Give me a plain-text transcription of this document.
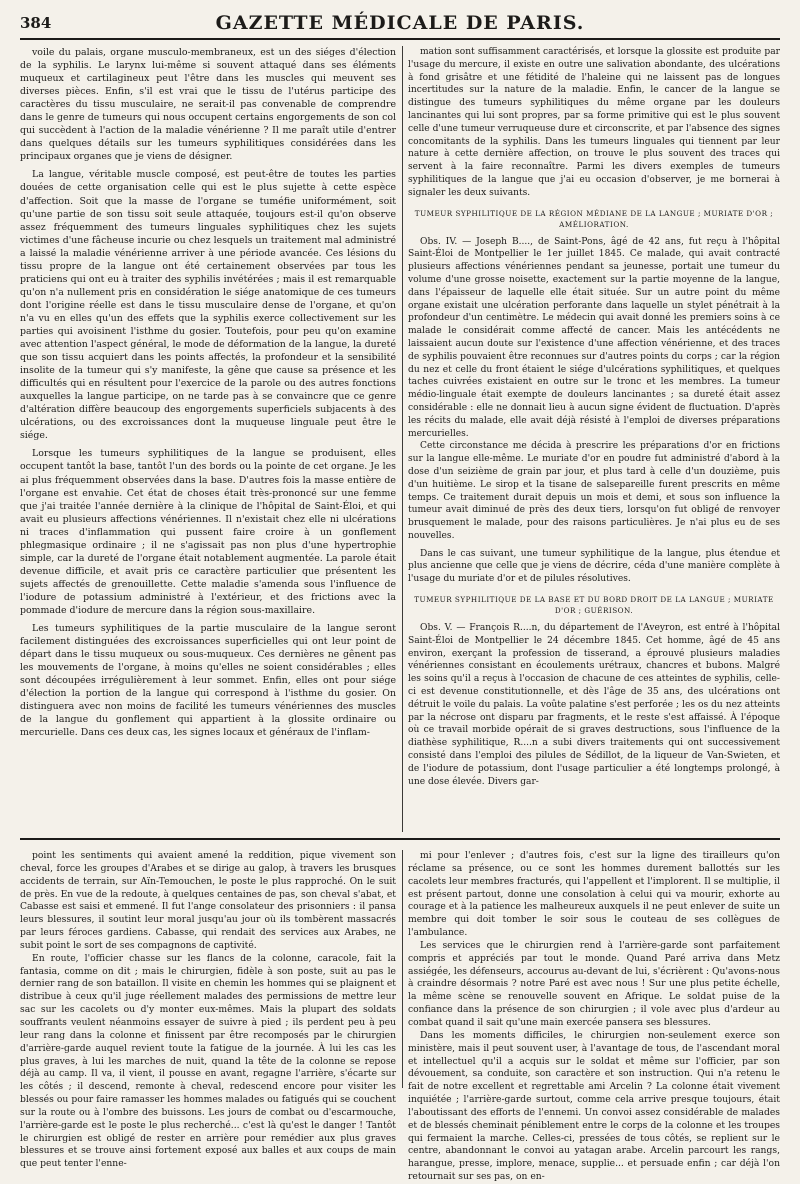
384	GAZETTE MÉDICALE DE PARIS.

voile du palais, organe musculo-membraneux, est un des siéges d'élection de la syphilis. Le larynx lui-même si souvent attaqué dans ses éléments muqueux et cartilagineux peut l'être dans les muscles qui meuvent ses diverses pièces. Enfin, s'il est vrai que le tissu de l'utérus participe des caractères du tissu musculaire, ne serait-il pas convenable de comprendre dans le genre de tumeurs qui nous occupent certains engorgements de son col qui succèdent à l'action de la maladie vénérienne ? Il me paraît utile d'entrer dans quelques détails sur les tumeurs syphilitiques considérées dans les principaux organes que je viens de désigner.

La langue, véritable muscle composé, est peut-être de toutes les parties douées de cette organisation celle qui est le plus sujette à cette espèce d'affection. Soit que la masse de l'organe se tuméfie uniformément, soit qu'une partie de son tissu soit seule attaquée, toujours est-il qu'on observe assez fréquemment des tumeurs linguales syphilitiques chez les sujets victimes d'une fâcheuse incurie ou chez lesquels un traitement mal administré a laissé la maladie vénérienne arriver à une période avancée. Ces lésions du tissu propre de la langue ont été certainement observées par tous les praticiens qui ont eu à traiter des syphilis invétérées ; mais il est remarquable qu'on n'a nullement pris en considération le siége anatomique de ces tumeurs dont l'origine réelle est dans le tissu musculaire dense de l'organe, et qu'on n'a vu en elles qu'un des effets que la syphilis exerce collectivement sur les parties qui avoisinent l'isthme du gosier. Toutefois, pour peu qu'on examine avec attention l'aspect général, le mode de déformation de la langue, la dureté que son tissu acquiert dans les points affectés, la profondeur et la sensibilité insolite de la tumeur qui s'y manifeste, la gêne que cause sa présence et les difficultés qui en résultent pour l'exercice de la parole ou des autres fonctions auxquelles la langue participe, on ne tarde pas à se convaincre que ce genre d'altération diffère beaucoup des engorgements superficiels subjacents à des ulcérations, ou des excroissances dont la muqueuse linguale peut être le siége.

Lorsque les tumeurs syphilitiques de la langue se produisent, elles occupent tantôt la base, tantôt l'un des bords ou la pointe de cet organe. Je les ai plus fréquemment observées dans la base. D'autres fois la masse entière de l'organe est envahie. Cet état de choses était très-prononcé sur une femme que j'ai traitée l'année dernière à la clinique de l'hôpital de Saint-Éloi, et qui avait eu plusieurs affections vénériennes. Il n'existait chez elle ni ulcérations ni traces d'inflammation qui pussent faire croire à un gonflement phlegmasique ordinaire ; il ne s'agissait pas non plus d'une hypertrophie simple, car la dureté de l'organe était notablement augmentée. La parole était devenue difficile, et avait pris ce caractère particulier que présentent les sujets affectés de grenouillette. Cette maladie s'amenda sous l'influence de l'iodure de potassium administré à l'extérieur, et des frictions avec la pommade d'iodure de mercure dans la région sous-maxillaire.

Les tumeurs syphilitiques de la partie musculaire de la langue seront facilement distinguées des excroissances superficielles qui ont leur point de départ dans le tissu muqueux ou sous-muqueux. Ces dernières ne gênent pas les mouvements de l'organe, à moins qu'elles ne soient considérables ; elles sont découpées irrégulièrement à leur sommet. Enfin, elles ont pour siége d'élection la portion de la langue qui correspond à l'isthme du gosier. On distinguera avec non moins de facilité les tumeurs vénériennes des muscles de la langue du gonflement qui appartient à la glossite ordinaire ou mercurielle. Dans ces deux cas, les signes locaux et généraux de l'inflam-

mation sont suffisamment caractérisés, et lorsque la glossite est produite par l'usage du mercure, il existe en outre une salivation abondante, des ulcérations à fond grisâtre et une fétidité de l'haleine qui ne laissent pas de longues incertitudes sur la nature de la maladie. Enfin, le cancer de la langue se distingue des tumeurs syphilitiques du même organe par les douleurs lancinantes qui lui sont propres, par sa forme primitive qui est le plus souvent celle d'une tumeur verruqueuse dure et circonscrite, et par l'absence des signes concomitants de la syphilis. Dans les tumeurs linguales qui tiennent par leur nature à cette dernière affection, on trouve le plus souvent des traces qui servent à la faire reconnaître. Parmi les divers exemples de tumeurs syphilitiques de la langue que j'ai eu occasion d'observer, je me bornerai à signaler les deux suivants.

TUMEUR SYPHILITIQUE DE LA RÉGION MÉDIANE DE LA LANGUE ; MURIATE D'OR ; AMÉLIORATION.

Obs. IV. — Joseph B...., de Saint-Pons, âgé de 42 ans, fut reçu à l'hôpital Saint-Éloi de Montpellier le 1er juillet 1845. Ce malade, qui avait contracté plusieurs affections vénériennes pendant sa jeunesse, portait une tumeur du volume d'une grosse noisette, exactement sur la partie moyenne de la langue, dans l'épaisseur de laquelle elle était située. Sur un autre point du même organe existait une ulcération perforante dans laquelle un stylet pénétrait à la profondeur d'un centimètre. Le médecin qui avait donné les premiers soins à ce malade le considérait comme affecté de cancer. Mais les antécédents ne laissaient aucun doute sur l'existence d'une affection vénérienne, et des traces de syphilis pouvaient être reconnues sur d'autres points du corps ; car la région du nez et celle du front étaient le siége d'ulcérations syphilitiques, et quelques taches cuivrées existaient en outre sur le tronc et les membres. La tumeur médio-linguale était exempte de douleurs lancinantes ; sa dureté était assez considérable : elle ne donnait lieu à aucun signe évident de fluctuation. D'après les récits du malade, elle avait déjà résisté à l'emploi de diverses préparations mercurielles.

Cette circonstance me décida à prescrire les préparations d'or en frictions sur la langue elle-même. Le muriate d'or en poudre fut administré d'abord à la dose d'un seizième de grain par jour, et plus tard à celle d'un douzième, puis d'un huitième. Le sirop et la tisane de salsepareille furent prescrits en même temps. Ce traitement durait depuis un mois et demi, et sous son influence la tumeur avait diminué de près des deux tiers, lorsqu'on fut obligé de renvoyer brusquement le malade, pour des raisons particulières. Je n'ai plus eu de ses nouvelles.

Dans le cas suivant, une tumeur syphilitique de la langue, plus étendue et plus ancienne que celle que je viens de décrire, céda d'une manière complète à l'usage du muriate d'or et de pilules résolutives.

TUMEUR SYPHILITIQUE DE LA BASE ET DU BORD DROIT DE LA LANGUE ; MURIATE D'OR ; GUÉRISON.

Obs. V. — François R....n, du département de l'Aveyron, est entré à l'hôpital Saint-Éloi de Montpellier le 24 décembre 1845. Cet homme, âgé de 45 ans environ, exerçant la profession de tisserand, a éprouvé plusieurs maladies vénériennes consistant en écoulements urétraux, chancres et bubons. Malgré les soins qu'il a reçus à l'occasion de chacune de ces atteintes de syphilis, celle-ci est devenue constitutionnelle, et dès l'âge de 35 ans, des ulcérations ont détruit le voile du palais. La voûte palatine s'est perforée ; les os du nez atteints par la nécrose ont disparu par fragments, et le reste s'est affaissé. À l'époque où ce travail morbide opérait de si graves destructions, sous l'influence de la diathèse syphilitique, R....n a subi divers traitements qui ont successivement consisté dans l'emploi des pilules de Sédillot, de la liqueur de Van-Swieten, et de l'iodure de potassium, dont l'usage particulier a été longtemps prolongé, à une dose élevée. Divers gar-

point les sentiments qui avaient amené la reddition, pique vivement son cheval, force les groupes d'Arabes et se dirige au galop, à travers les brusques accidents de terrain, sur Aïn-Temouchen, le poste le plus rapproché. On le suit de près. En vue de la redoute, à quelques centaines de pas, son cheval s'abat, et Cabasse est saisi et emmené. Il fut l'ange consolateur des prisonniers : il pansa leurs blessures, il soutint leur moral jusqu'au jour où ils tombèrent massacrés par leurs féroces gardiens. Cabasse, qui rendait des services aux Arabes, ne subit point le sort de ses compagnons de captivité.

En route, l'officier chasse sur les flancs de la colonne, caracole, fait la fantasia, comme on dit ; mais le chirurgien, fidèle à son poste, suit au pas le dernier rang de son bataillon. Il visite en chemin les hommes qui se plaignent et distribue à ceux qu'il juge réellement malades des permissions de mettre leur sac sur les cacolets ou d'y monter eux-mêmes. Mais la plupart des soldats souffrants veulent néanmoins essayer de suivre à pied ; ils perdent peu à peu leur rang dans la colonne et finissent par être recomposés par le chirurgien d'arrière-garde auquel revient toute la fatigue de la journée. À lui les cas les plus graves, à lui les marches de nuit, quand la tête de la colonne se repose déjà au camp. Il va, il vient, il pousse en avant, regagne l'arrière, s'écarte sur les côtés ; il descend, remonte à cheval, redescend encore pour visiter les blessés ou pour faire ramasser les hommes malades ou fatigués qui se couchent sur la route ou à l'ombre des buissons. Les jours de combat ou d'escarmouche, l'arrière-garde est le poste le plus recherché... c'est là qu'est le danger ! Tantôt le chirurgien est obligé de rester en arrière pour remédier aux plus graves blessures et se trouve ainsi fortement exposé aux balles et aux coups de main que peut tenter l'enne-

mi pour l'enlever ; d'autres fois, c'est sur la ligne des tirailleurs qu'on réclame sa présence, ou ce sont les hommes durement ballottés sur les cacolets leur membres fracturés, qui l'appellent et l'implorent. Il se multiplie, il est présent partout, donne une consolation à celui qui va mourir, exhorte au courage et à la patience les malheureux auxquels il ne peut enlever de suite un membre qui doit tomber le soir sous le couteau de ses collègues de l'ambulance.

Les services que le chirurgien rend à l'arrière-garde sont parfaitement compris et appréciés par tout le monde. Quand Paré arriva dans Metz assiégée, les défenseurs, accourus au-devant de lui, s'écrièrent : Qu'avons-nous à craindre désormais ? notre Paré est avec nous ! Sur une plus petite échelle, la même scène se renouvelle souvent en Afrique. Le soldat puise de la confiance dans la présence de son chirurgien ; il vole avec plus d'ardeur au combat quand il sait qu'une main exercée pansera ses blessures.

Dans les moments difficiles, le chirurgien non-seulement exerce son ministère, mais il peut souvent user, à l'avantage de tous, de l'ascendant moral et intellectuel qu'il a acquis sur le soldat et même sur l'officier, par son dévouement, sa conduite, son caractère et son instruction. Qui n'a retenu le fait de notre excellent et regrettable ami Arcelin ? La colonne était vivement inquiétée ; l'arrière-garde surtout, comme cela arrive presque toujours, était l'aboutissant des efforts de l'ennemi. Un convoi assez considérable de malades et de blessés cheminait péniblement entre le corps de la colonne et les troupes qui fermaient la marche. Celles-ci, pressées de tous côtés, se replient sur le centre, abandonnant le convoi au yatagan arabe. Arcelin parcourt les rangs, harangue, presse, implore, menace, supplie... et persuade enfin ; car déjà l'on retournait sur ses pas, on en-
